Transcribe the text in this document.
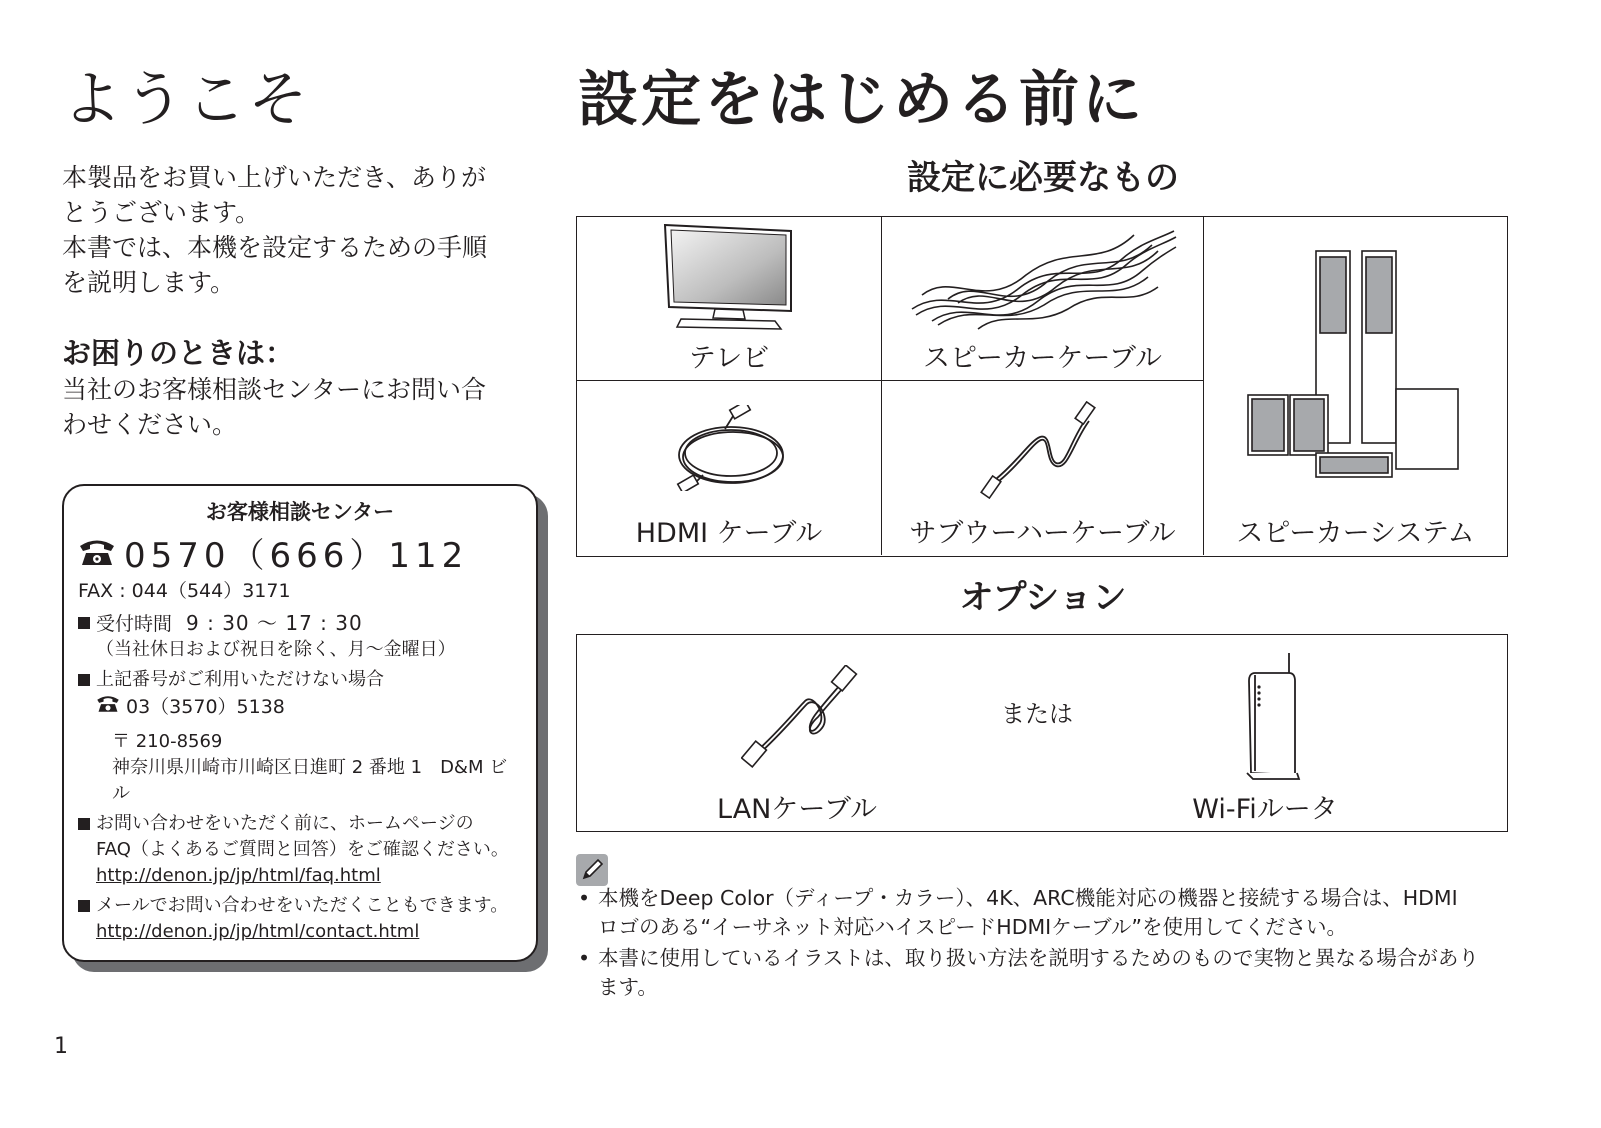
ようこそ
本製品をお買い上げいただき、ありが
とうございます。
本書では、本機を設定するための手順
を説明します。
お困りのときは：
当社のお客様相談センターにお問い合
わせください。
お客様相談センター
0570（666）112
FAX : 044（544）3171
受付時間 9 : 30 ～ 17 : 30
（当社休日および祝日を除く、月～金曜日）
上記番号がご利用いただけない場合
03（3570）5138
〒 210-8569
神奈川県川崎市川崎区日進町 2 番地 1　D&M ビル
お問い合わせをいただく前に、ホームページの
FAQ（よくあるご質問と回答）をご確認ください。
http://denon.jp/jp/html/faq.html
メールでお問い合わせをいただくこともできます。
http://denon.jp/jp/html/contact.html
1
設定をはじめる前に
設定に必要なもの
テレビ	スピーカーケーブル
HDMI ケーブル	サブウーハーケーブル	スピーカーシステム
オプション
LANケーブル	Wi-Fiルータ
または
• 本機をDeep Color（ディープ・カラー）、4K、ARC機能対応の機器と接続する場合は、HDMI
ロゴのある“イーサネット対応ハイスピードHDMIケーブル”を使用してください。
• 本書に使用しているイラストは、取り扱い方法を説明するためのもので実物と異なる場合があり
ます。
